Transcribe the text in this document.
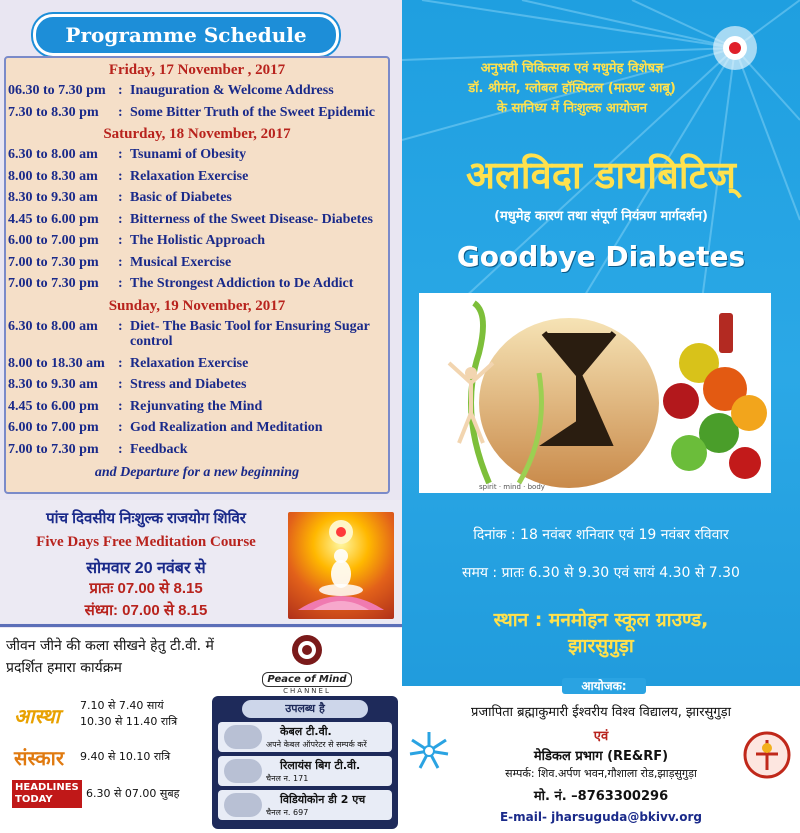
Programme Schedule
Friday, 17 November , 2017
06.30 to 7.30 pm : Inauguration & Welcome Address
7.30 to 8.30 pm	: Some Bitter Truth of the Sweet Epidemic
Saturday, 18 November, 2017
6.30 to 8.00 am	: Tsunami of Obesity
8.00 to 8.30 am	: Relaxation Exercise
8.30 to 9.30 am	: Basic of Diabetes
4.45 to 6.00 pm	: Bitterness of the Sweet Disease- Diabetes
6.00 to 7.00 pm	: The Holistic Approach
7.00 to 7.30 pm	: Musical Exercise
7.00 to 7.30 pm	: The Strongest Addiction to De Addict
Sunday, 19 November, 2017
6.30 to 8.00 am	: Diet- The Basic Tool for Ensuring Sugar control
8.00 to 18.30 am : Relaxation Exercise
8.30 to 9.30 am	: Stress and Diabetes
4.45 to 6.00 pm	: Rejunvating the Mind
6.00 to 7.00 pm	: God Realization and Meditation
7.00 to 7.30 pm	: Feedback
and Departure for a new beginning
पांच दिवसीय निःशुल्क राजयोग शिविर
Five Days Free Meditation Course
सोमवार 20 नवंबर से
प्रातः 07.00 से 8.15
संध्या: 07.00 से 8.15
जीवन जीने की कला सीखने हेतु टी.वी. में
प्रदर्शित हमारा कार्यक्रम
Peace of Mind
CHANNEL
आस्था 7.10 से 7.40 सायं
10.30 से 11.40 रात्रि
संस्कार 9.40 से 10.10 रात्रि
HEADLINES TODAY	6.30 से 07.00 सुबह
उपलब्ध है
केबल टी.वी.
अपने केबल ऑपरेटर से सम्पर्क करें
रिलायंस बिग टी.वी.
चैनल न. 171
विडियोकोन डी 2 एच
चैनल न. 697
अनुभवी चिकित्सक एवं मधुमेह विशेषज्ञ
डॉ. श्रीमंत, ग्लोबल हॉस्पिटल (माउण्ट आबू)
के सानिध्य में निःशुल्क आयोजन
अलविदा डायबिटिज्
(मधुमेह कारण तथा संपूर्ण नियंत्रण मार्गदर्शन)
Goodbye Diabetes
दिनांक : 18 नवंबर शनिवार एवं 19 नवंबर रविवार
समय : प्रातः 6.30 से 9.30 एवं सायं 4.30 से 7.30
स्थान : मनमोहन स्कूल ग्राउण्ड,
झारसुगुड़ा
spirit · mind · body
आयोजक:
प्रजापिता ब्रह्माकुमारी ईश्वरीय विश्व विद्यालय, झारसुगुड़ा
एवं
मेडिकल प्रभाग (RE&RF)
सम्पर्क: शिव.अर्पण भवन,गौशाला रोड,झाड़सुगुड़ा
मो. नं. –8763300296
E-mail- jharsuguda@bkivv.org
